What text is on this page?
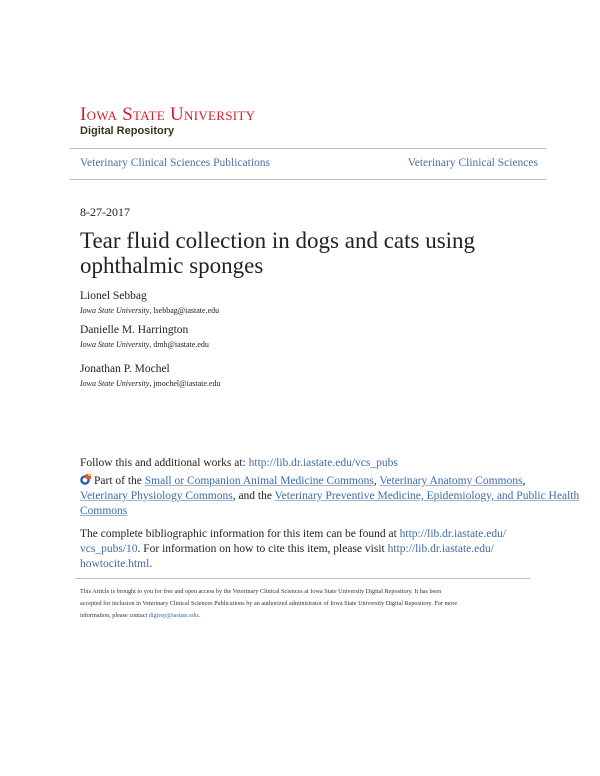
Iowa State University
Digital Repository
Veterinary Clinical Sciences Publications	Veterinary Clinical Sciences
8-27-2017
Tear fluid collection in dogs and cats using ophthalmic sponges
Lionel Sebbag
Iowa State University, lsebbag@iastate.edu
Danielle M. Harrington
Iowa State University, dmh@iastate.edu
Jonathan P. Mochel
Iowa State University, jmochel@iastate.edu
Follow this and additional works at: http://lib.dr.iastate.edu/vcs_pubs
Part of the Small or Companion Animal Medicine Commons, Veterinary Anatomy Commons,
Veterinary Physiology Commons, and the Veterinary Preventive Medicine, Epidemiology, and Public Health Commons
The complete bibliographic information for this item can be found at http://lib.dr.iastate.edu/
vcs_pubs/10. For information on how to cite this item, please visit http://lib.dr.iastate.edu/
howtocite.html.
This Article is brought to you for free and open access by the Veterinary Clinical Sciences at Iowa State University Digital Repository. It has been
accepted for inclusion in Veterinary Clinical Sciences Publications by an authorized administrator of Iowa State University Digital Repository. For more
information, please contact digirep@iastate.edu.
